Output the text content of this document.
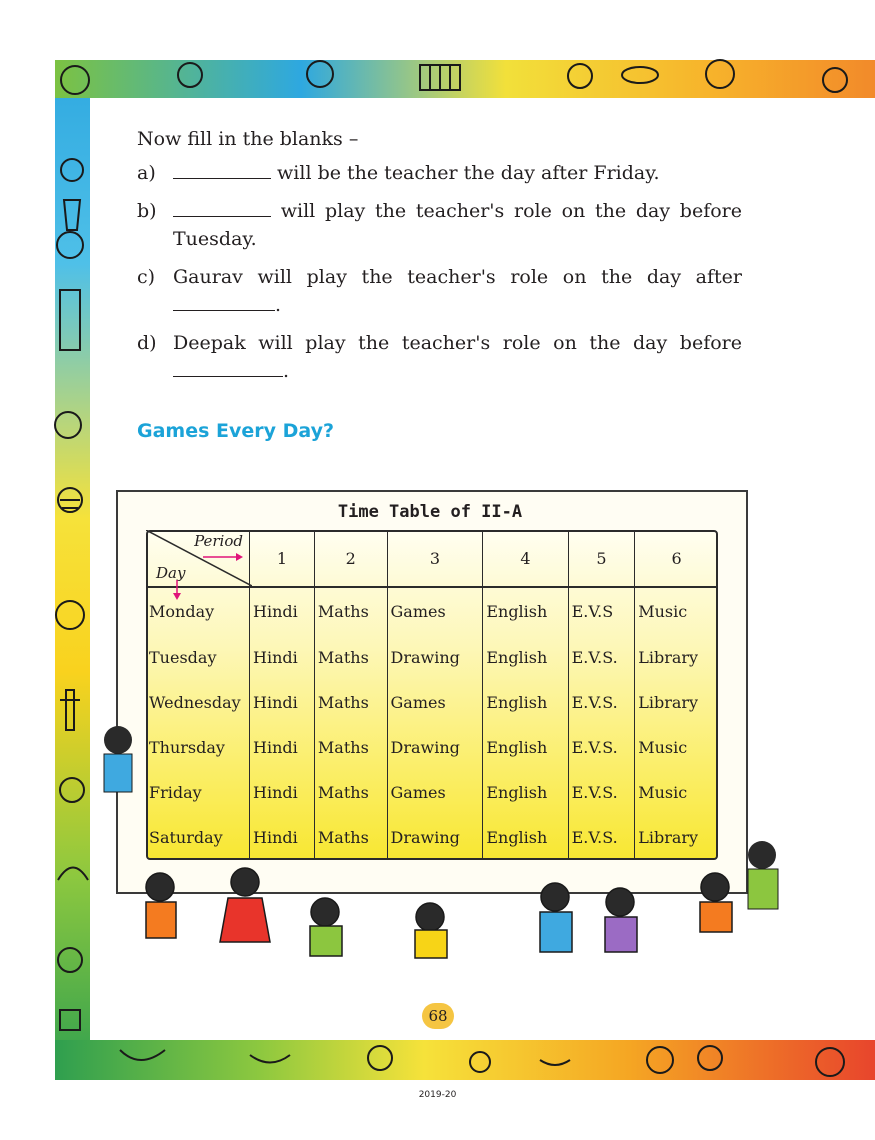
Now fill in the blanks –

a)	will be the teacher the day after Friday.
b)	will play the teacher's role on the day before Tuesday.
c) Gaurav will play the teacher's role on the day after .
d) Deepak will play the teacher's role on the day before .
Games Every Day?
Time Table of II-A
Period
Day	1	2	3	4	5	6

Monday	Hindi	Maths	Games	English	E.V.S	Music
Tuesday	Hindi	Maths	Drawing	English	E.V.S.	Library
Wednesday	Hindi	Maths	Games	English	E.V.S.	Library
Thursday	Hindi	Maths	Drawing	English	E.V.S.	Music
Friday	Hindi	Maths	Games	English	E.V.S.	Music
Saturday	Hindi	Maths	Drawing	English	E.V.S.	Library
68
2019-20
